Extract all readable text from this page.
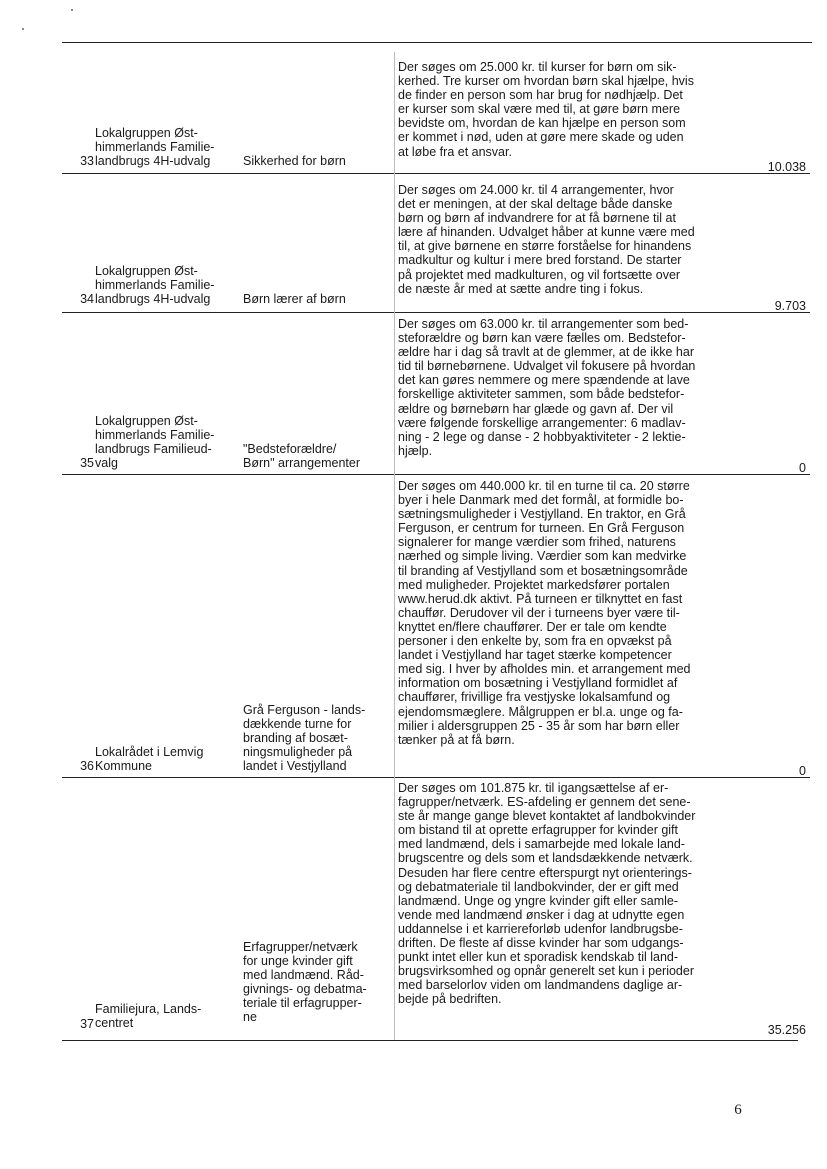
33
Lokalgruppen Øst-
himmerlands Familie-
landbrugs 4H-udvalg	Sikkerhed for børn
Der søges om 25.000 kr. til kurser for børn om sik-
kerhed. Tre kurser om hvordan børn skal hjælpe, hvis
de finder en person som har brug for nødhjælp. Det
er kurser som skal være med til, at gøre børn mere
bevidste om, hvordan de kan hjælpe en person som
er kommet i nød, uden at gøre mere skade og uden
at løbe fra et ansvar.
10.038
34
Lokalgruppen Øst-
himmerlands Familie-
landbrugs 4H-udvalg	Børn lærer af børn
Der søges om 24.000 kr. til 4 arrangementer, hvor
det er meningen, at der skal deltage både danske
børn og børn af indvandrere for at få børnene til at
lære af hinanden. Udvalget håber at kunne være med
til, at give børnene en større forståelse for hinandens
madkultur og kultur i mere bred forstand. De starter
på projektet med madkulturen, og vil fortsætte over
de næste år med at sætte andre ting i fokus.
9.703
35
Lokalgruppen Øst-
himmerlands Familie-
landbrugs Familieud-
valg
"Bedsteforældre/
Børn" arrangementer
Der søges om 63.000 kr. til arrangementer som bed-
steforældre og børn kan være fælles om. Bedstefor-
ældre har i dag så travlt at de glemmer, at de ikke har
tid til børnebørnene. Udvalget vil fokusere på hvordan
det kan gøres nemmere og mere spændende at lave
forskellige aktiviteter sammen, som både bedstefor-
ældre og børnebørn har glæde og gavn af. Der vil
være følgende forskellige arrangementer: 6 madlav-
ning - 2 lege og danse - 2 hobbyaktiviteter - 2 lektie-
hjælp.
0
36
Lokalrådet i Lemvig
Kommune
Grå Ferguson - lands-
dækkende turne for
branding af bosæt-
ningsmuligheder på
landet i Vestjylland
Der søges om 440.000 kr. til en turne til ca. 20 større
byer i hele Danmark med det formål, at formidle bo-
sætningsmuligheder i Vestjylland. En traktor, en Grå
Ferguson, er centrum for turneen. En Grå Ferguson
signalerer for mange værdier som frihed, naturens
nærhed og simple living. Værdier som kan medvirke
til branding af Vestjylland som et bosætningsområde
med muligheder. Projektet markedsfører portalen
www.herud.dk aktivt. På turneen er tilknyttet en fast
chauffør. Derudover vil der i turneens byer være til-
knyttet en/flere chauffører. Der er tale om kendte
personer i den enkelte by, som fra en opvækst på
landet i Vestjylland har taget stærke kompetencer
med sig. I hver by afholdes min. et arrangement med
information om bosætning i Vestjylland formidlet af
chauffører, frivillige fra vestjyske lokalsamfund og
ejendomsmæglere. Målgruppen er bl.a. unge og fa-
milier i aldersgruppen 25 - 35 år som har børn eller
tænker på at få børn.
0
37
Familiejura, Lands-
centret
Erfagrupper/netværk
for unge kvinder gift
med landmænd. Råd-
givnings- og debatma-
teriale til erfagrupper-
ne
Der søges om 101.875 kr. til igangsættelse af er-
fagrupper/netværk. ES-afdeling er gennem det sene-
ste år mange gange blevet kontaktet af landbokvinder
om bistand til at oprette erfagrupper for kvinder gift
med landmænd, dels i samarbejde med lokale land-
brugscentre og dels som et landsdækkende netværk.
Desuden har flere centre efterspurgt nyt orienterings-
og debatmateriale til landbokvinder, der er gift med
landmænd. Unge og yngre kvinder gift eller samle-
vende med landmænd ønsker i dag at udnytte egen
uddannelse i et karriereforløb udenfor landbrugsbe-
driften. De fleste af disse kvinder har som udgangs-
punkt intet eller kun et sporadisk kendskab til land-
brugsvirksomhed og opnår generelt set kun i perioder
med barselorlov viden om landmandens daglige ar-
bejde på bedriften.
35.256
6
